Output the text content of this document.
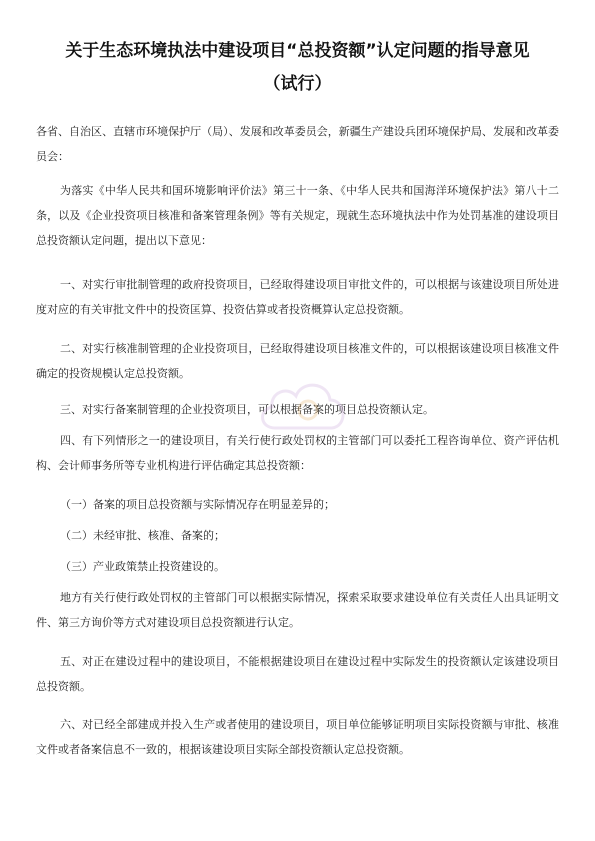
关于生态环境执法中建设项目“总投资额”认定问题的指导意见
（试行）

各省、自治区、直辖市环境保护厅（局）、发展和改革委员会，新疆生产建设兵团环境保护局、发展和改革委员会：

为落实《中华人民共和国环境影响评价法》第三十一条、《中华人民共和国海洋环境保护法》第八十二条，以及《企业投资项目核准和备案管理条例》等有关规定，现就生态环境执法中作为处罚基准的建设项目总投资额认定问题，提出以下意见：

一、对实行审批制管理的政府投资项目，已经取得建设项目审批文件的，可以根据与该建设项目所处进度对应的有关审批文件中的投资匡算、投资估算或者投资概算认定总投资额。

二、对实行核准制管理的企业投资项目，已经取得建设项目核准文件的，可以根据该建设项目核准文件确定的投资规模认定总投资额。

三、对实行备案制管理的企业投资项目，可以根据备案的项目总投资额认定。

四、有下列情形之一的建设项目，有关行使行政处罚权的主管部门可以委托工程咨询单位、资产评估机构、会计师事务所等专业机构进行评估确定其总投资额：

（一）备案的项目总投资额与实际情况存在明显差异的；

（二）未经审批、核准、备案的；

（三）产业政策禁止投资建设的。

地方有关行使行政处罚权的主管部门可以根据实际情况，探索采取要求建设单位有关责任人出具证明文件、第三方询价等方式对建设项目总投资额进行认定。

五、对正在建设过程中的建设项目，不能根据建设项目在建设过程中实际发生的投资额认定该建设项目总投资额。

六、对已经全部建成并投入生产或者使用的建设项目，项目单位能够证明项目实际投资额与审批、核准文件或者备案信息不一致的，根据该建设项目实际全部投资额认定总投资额。
